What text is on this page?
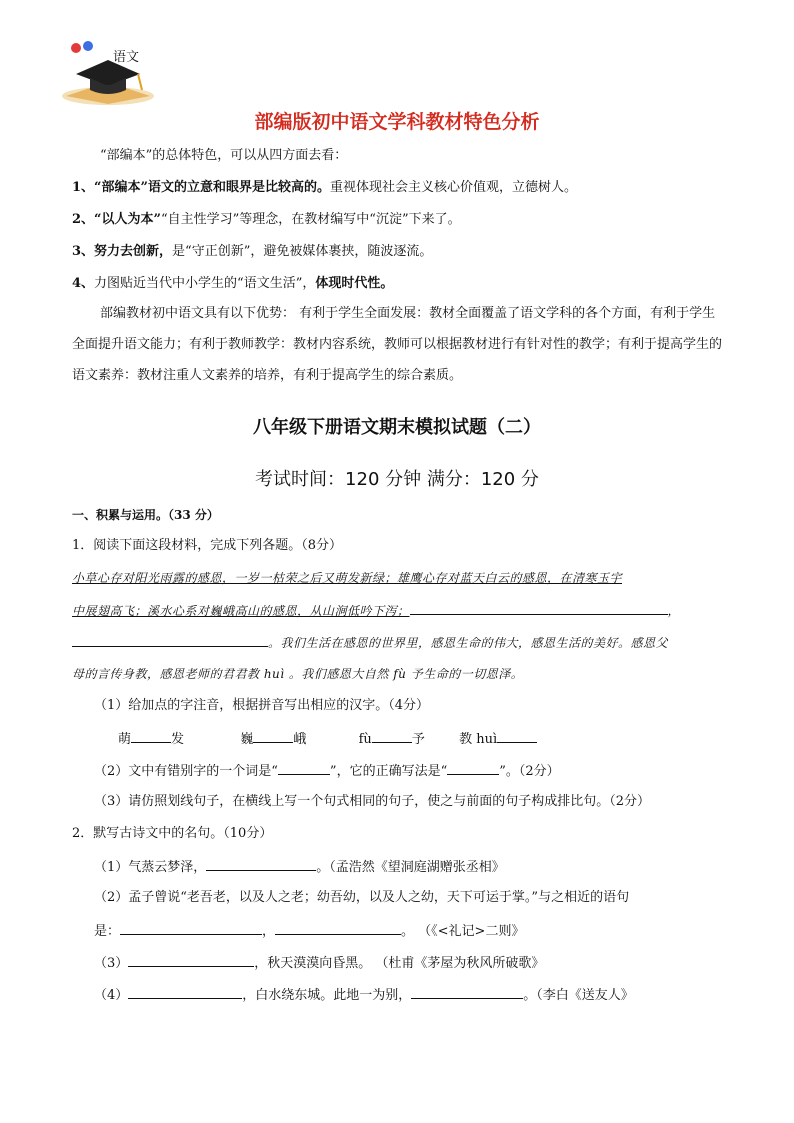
语文
部编版初中语文学科教材特色分析
“部编本”的总体特色，可以从四方面去看：
1、“部编本”语文的立意和眼界是比较高的。重视体现社会主义核心价值观，立德树人。
2、“以人为本”“自主性学习”等理念，在教材编写中“沉淀”下来了。
3、努力去创新，是“守正创新”，避免被媒体裹挟，随波逐流。
4、力图贴近当代中小学生的“语文生活”，体现时代性。
部编教材初中语文具有以下优势： 有利于学生全面发展：教材全面覆盖了语文学科的各个方面，有利于学生全面提升语文能力；有利于教师教学：教材内容系统，教师可以根据教材进行有针对性的教学；有利于提高学生的语文素养：教材注重人文素养的培养，有利于提高学生的综合素质。
八年级下册语文期末模拟试题（二）
考试时间：120 分钟 满分：120 分
一、积累与运用。（33 分）
1．阅读下面这段材料，完成下列各题。（8分）
小草心存对阳光雨露的感恩，一岁一枯荣之后又萌发新绿；雄鹰心存对蓝天白云的感恩，在清寒玉宇
中展翅高飞；溪水心系对巍峨高山的感恩，从山涧低吟下泻；	，
。我们生活在感恩的世界里，感恩生命的伟大，感恩生活的美好。感恩父
母的言传身教，感恩老师的君君教 huì 。我们感恩大自然 fù 予生命的一切恩泽。
（1）给加点的字注音，根据拼音写出相应的汉字。（4分）
萌	发	巍	峨	fù	予	教 huì
（2）文中有错别字的一个词是“	”，它的正确写法是“	”。（2分）
（3）请仿照划线句子，在横线上写一个句式相同的句子，使之与前面的句子构成排比句。（2分）
2．默写古诗文中的名句。（10分）
（1）气蒸云梦泽，	。（孟浩然《望洞庭湖赠张丞相》
（2）孟子曾说“老吾老，以及人之老；幼吾幼，以及人之幼，天下可运于掌。”与之相近的语句
是：	，	。 （《<礼记>二则》
（3）	，秋天漠漠向昏黑。 （杜甫《茅屋为秋风所破歌》
（4）	，白水绕东城。此地一为别，	。（李白《送友人》
